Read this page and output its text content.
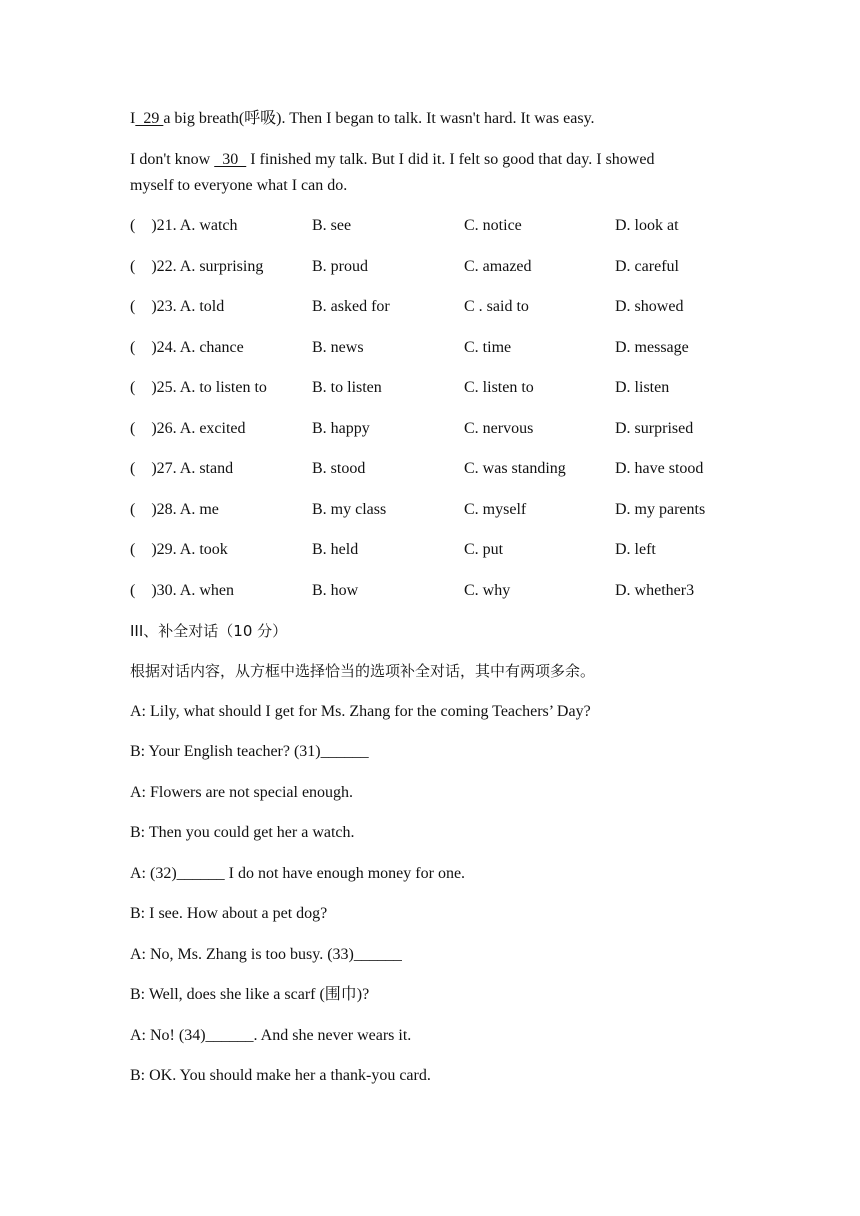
I  29 a big breath(呼吸). Then I began to talk. It wasn't hard. It was easy.
I don't know   30   I finished my talk. But I did it. I felt so good that day. I showed
myself to everyone what I can do.
(    )21. A. watch	B. see	C. notice	D. look at
(    )22. A. surprising	B. proud	C. amazed	D. careful
(    )23. A. told	B. asked for	C . said to	D. showed
(    )24. A. chance	B. news	C. time	D. message
(    )25. A. to listen to	B. to listen	C. listen to	D. listen
(    )26. A. excited	B. happy	C. nervous	D. surprised
(    )27. A. stand	B. stood	C. was standing	D. have stood
(    )28. A. me	B. my class	C. myself	D. my parents
(    )29. A. took	B. held	C. put	D. left
(    )30. A. when	B. how	C. why	D. whether3
III、补全对话（10 分）
根据对话内容，从方框中选择恰当的选项补全对话，其中有两项多余。
A: Lily, what should I get for Ms. Zhang for the coming Teachers’ Day?
B: Your English teacher? (31)______
A: Flowers are not special enough.
B: Then you could get her a watch.
A: (32)______ I do not have enough money for one.
B: I see. How about a pet dog?
A: No, Ms. Zhang is too busy. (33)______
B: Well, does she like a scarf (围巾)?
A: No! (34)______. And she never wears it.
B: OK. You should make her a thank-you card.
